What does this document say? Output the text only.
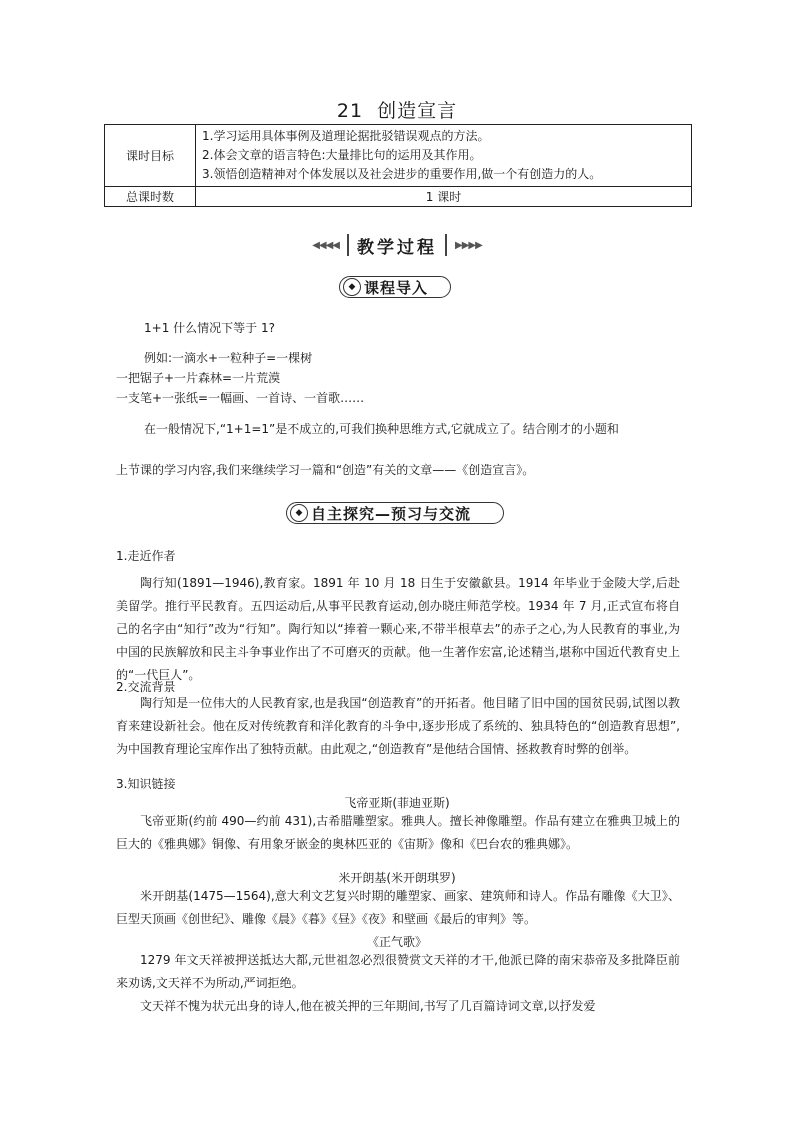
21 创造宣言
课时目标	1.学习运用具体事例及道理论据批驳错误观点的方法。
2.体会文章的语言特色:大量排比句的运用及其作用。
3.领悟创造精神对个体发展以及社会进步的重要作用,做一个有创造力的人。

总课时数	1 课时
◀◀◀◀	教学过程	▶▶▶▶
◆ 课程导入
1+1 什么情况下等于 1?
例如:一滴水+一粒种子=一棵树
一把锯子+一片森林=一片荒漠
一支笔+一张纸=一幅画、一首诗、一首歌……
在一般情况下,“1+1=1”是不成立的,可我们换种思维方式,它就成立了。结合刚才的小题和
上节课的学习内容,我们来继续学习一篇和“创造”有关的文章——《创造宣言》。
◆ 自主探究—预习与交流
1.走近作者
陶行知(1891—1946),教育家。1891 年 10 月 18 日生于安徽歙县。1914 年毕业于金陵大学,后赴美留学。推行平民教育。五四运动后,从事平民教育运动,创办晓庄师范学校。1934 年 7 月,正式宣布将自己的名字由“知行”改为“行知”。陶行知以“捧着一颗心来,不带半根草去”的赤子之心,为人民教育的事业,为中国的民族解放和民主斗争事业作出了不可磨灭的贡献。他一生著作宏富,论述精当,堪称中国近代教育史上的“一代巨人”。
2.交流背景
陶行知是一位伟大的人民教育家,也是我国“创造教育”的开拓者。他目睹了旧中国的国贫民弱,试图以教育来建设新社会。他在反对传统教育和洋化教育的斗争中,逐步形成了系统的、独具特色的“创造教育思想”,为中国教育理论宝库作出了独特贡献。由此观之,“创造教育”是他结合国情、拯救教育时弊的创举。
3.知识链接
飞帝亚斯(菲迪亚斯)
飞帝亚斯(约前 490—约前 431),古希腊雕塑家。雅典人。擅长神像雕塑。作品有建立在雅典卫城上的巨大的《雅典娜》铜像、有用象牙嵌金的奥林匹亚的《宙斯》像和《巴台农的雅典娜》。
米开朗基(米开朗琪罗)
米开朗基(1475—1564),意大利文艺复兴时期的雕塑家、画家、建筑师和诗人。作品有雕像《大卫》、巨型天顶画《创世纪》、雕像《晨》《暮》《昼》《夜》和壁画《最后的审判》等。
《正气歌》
1279 年文天祥被押送抵达大都,元世祖忽必烈很赞赏文天祥的才干,他派已降的南宋恭帝及多批降臣前来劝诱,文天祥不为所动,严词拒绝。
文天祥不愧为状元出身的诗人,他在被关押的三年期间,书写了几百篇诗词文章,以抒发爱
